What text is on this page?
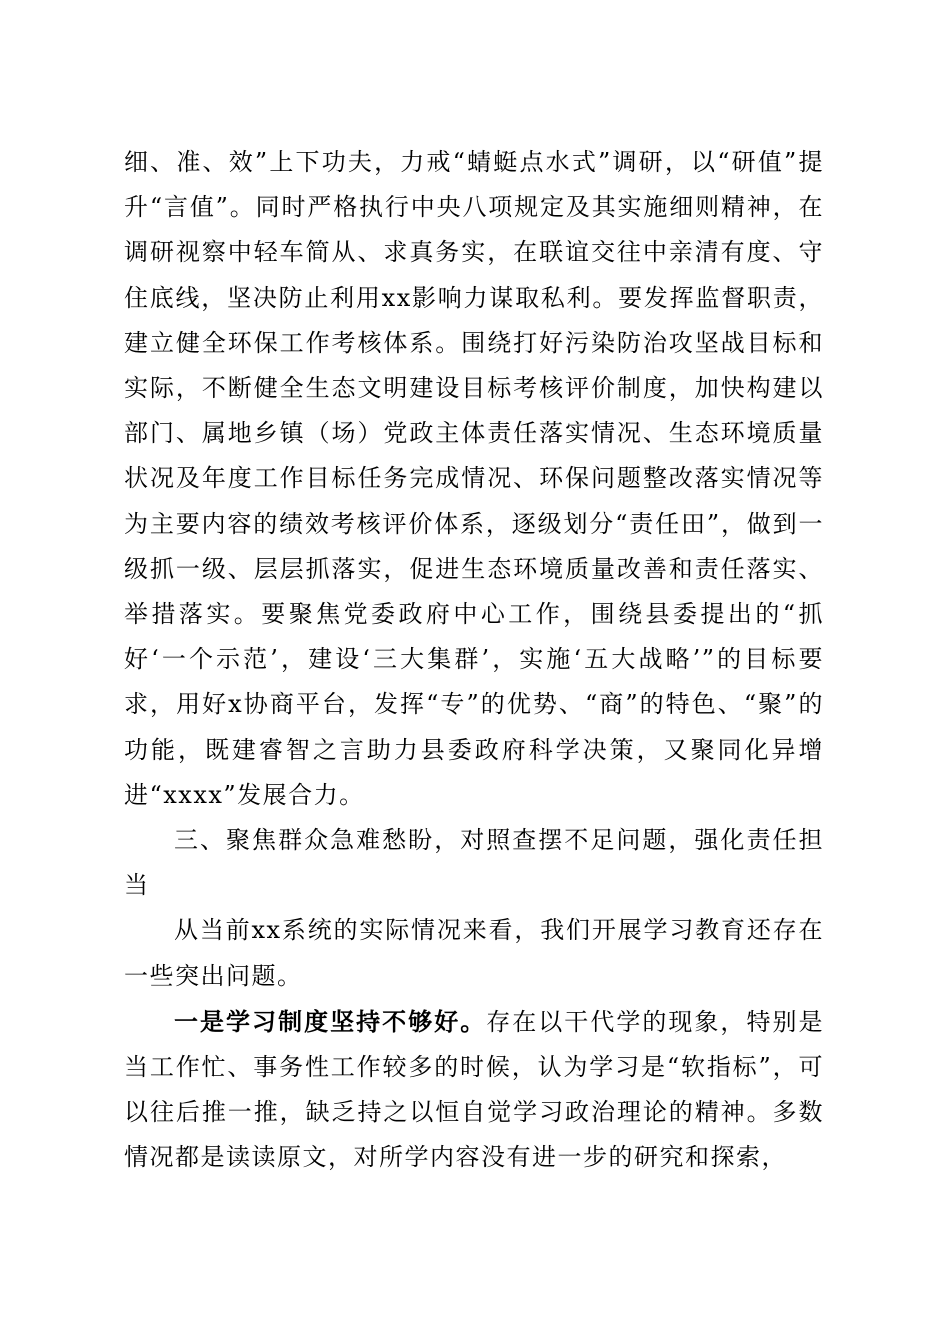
细、准、效”上下功夫，力戒“蜻蜓点水式”调研，以“研值”提升“言值”。同时严格执行中央八项规定及其实施细则精神，在调研视察中轻车简从、求真务实，在联谊交往中亲清有度、守住底线，坚决防止利用xx影响力谋取私利。要发挥监督职责，建立健全环保工作考核体系。围绕打好污染防治攻坚战目标和实际，不断健全生态文明建设目标考核评价制度，加快构建以部门、属地乡镇（场）党政主体责任落实情况、生态环境质量状况及年度工作目标任务完成情况、环保问题整改落实情况等为主要内容的绩效考核评价体系，逐级划分“责任田”，做到一级抓一级、层层抓落实，促进生态环境质量改善和责任落实、举措落实。要聚焦党委政府中心工作，围绕县委提出的“抓好‘一个示范’，建设‘三大集群’，实施‘五大战略’”的目标要求，用好x协商平台，发挥“专”的优势、“商”的特色、“聚”的功能，既建睿智之言助力县委政府科学决策，又聚同化异增进“xxxx”发展合力。

三、聚焦群众急难愁盼，对照查摆不足问题，强化责任担当

从当前xx系统的实际情况来看，我们开展学习教育还存在一些突出问题。

一是学习制度坚持不够好。存在以干代学的现象，特别是当工作忙、事务性工作较多的时候，认为学习是“软指标”，可以往后推一推，缺乏持之以恒自觉学习政治理论的精神。多数情况都是读读原文，对所学内容没有进一步的研究和探索，
